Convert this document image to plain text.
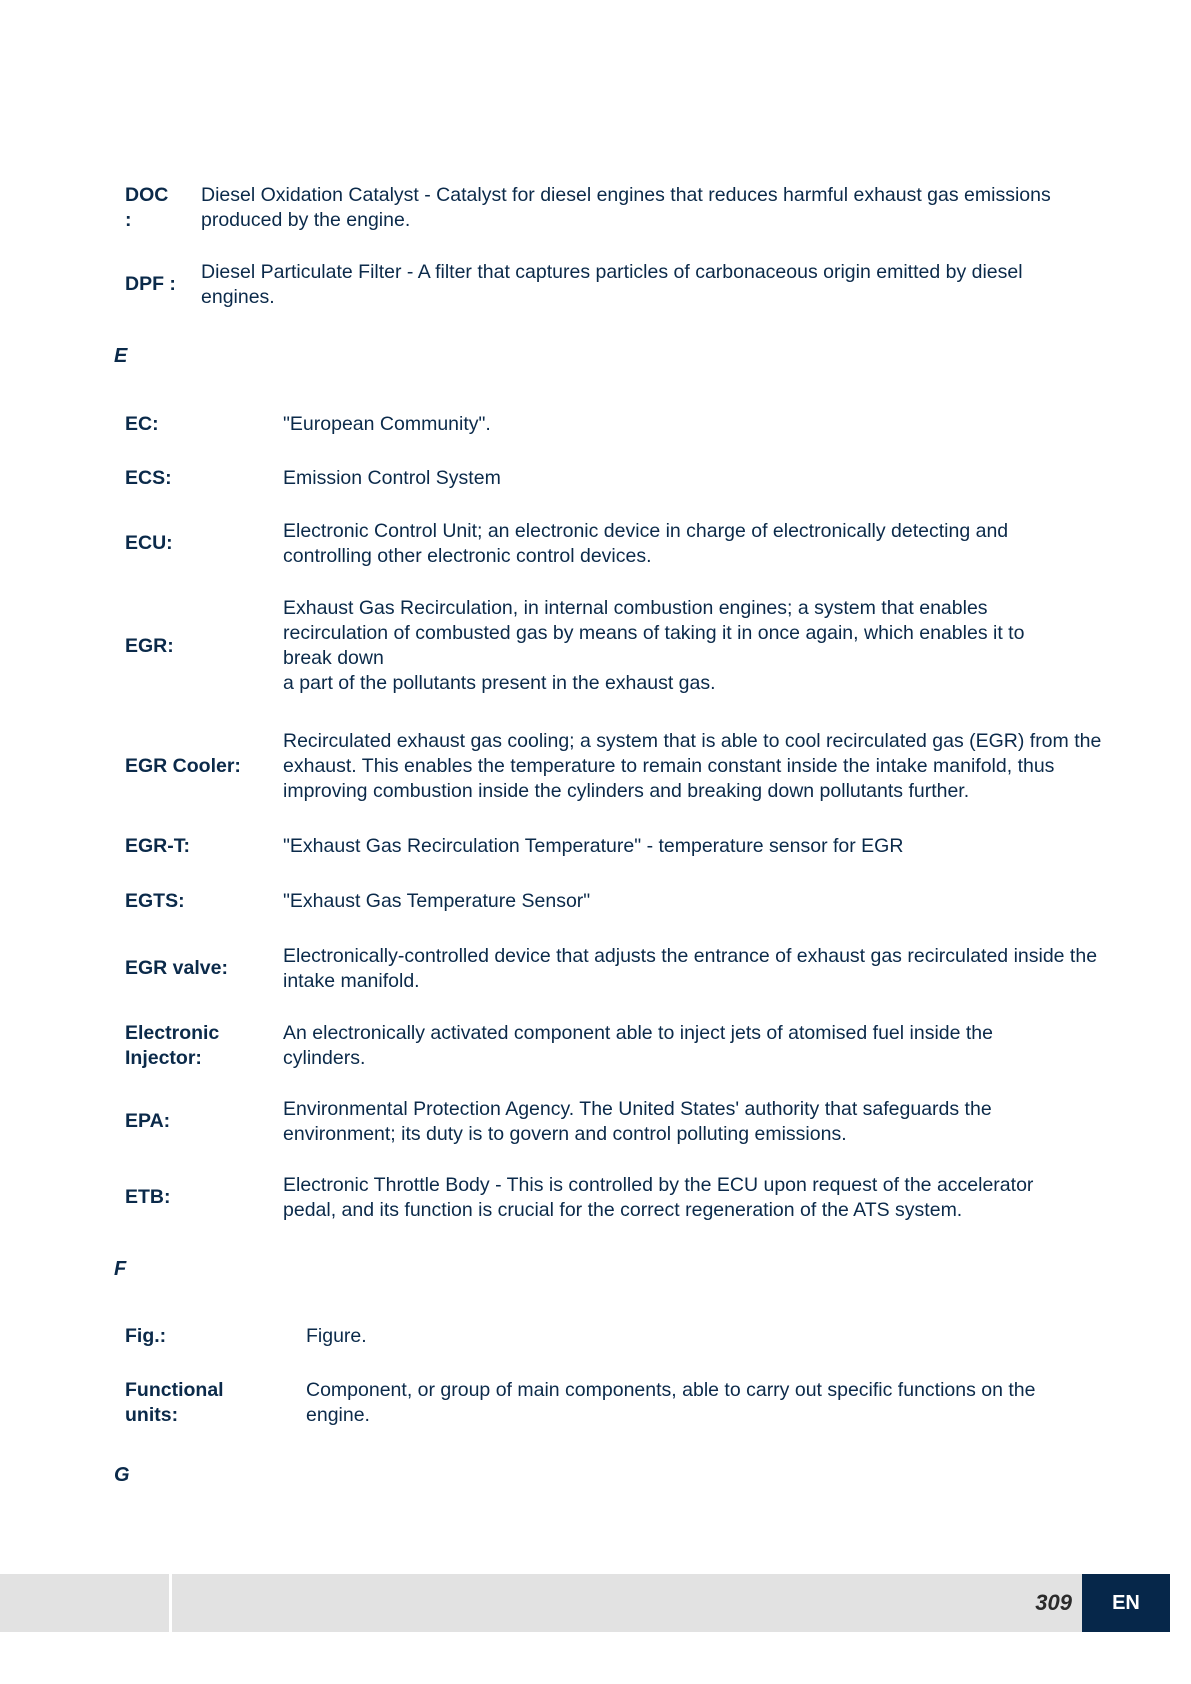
DOC
:

Diesel Oxidation Catalyst - Catalyst for diesel engines that reduces harmful exhaust gas emissions produced by the engine.

DPF :

Diesel Particulate Filter - A filter that captures particles of carbonaceous origin emitted by diesel engines.

E
EC:	"European Community".

ECS:	Emission Control System

ECU:

Electronic Control Unit; an electronic device in charge of electronically detecting and controlling other electronic control devices.

EGR:

Exhaust Gas Recirculation, in internal combustion engines; a system that enables recirculation of combusted gas by means of taking it in once again, which enables it to break down

a part of the pollutants present in the exhaust gas.

EGR Cooler:

Recirculated exhaust gas cooling; a system that is able to cool recirculated gas (EGR) from the exhaust. This enables the temperature to remain constant inside the intake manifold, thus improving combustion inside the cylinders and breaking down pollutants further.

EGR-T:	"Exhaust Gas Recirculation Temperature" - temperature sensor for EGR

EGTS:	"Exhaust Gas Temperature Sensor"

EGR valve:

Electronically-controlled device that adjusts the entrance of exhaust gas recirculated inside the intake manifold.

Electronic Injector:

An electronically activated component able to inject jets of atomised fuel inside the cylinders.

EPA:

Environmental Protection Agency. The United States' authority that safeguards the environment; its duty is to govern and control polluting emissions.

ETB:

Electronic Throttle Body - This is controlled by the ECU upon request of the accelerator pedal, and its function is crucial for the correct regeneration of the ATS system.

F
Fig.:	Figure.

Functional units:

Component, or group of main components, able to carry out specific functions on the engine.

G
309	EN
